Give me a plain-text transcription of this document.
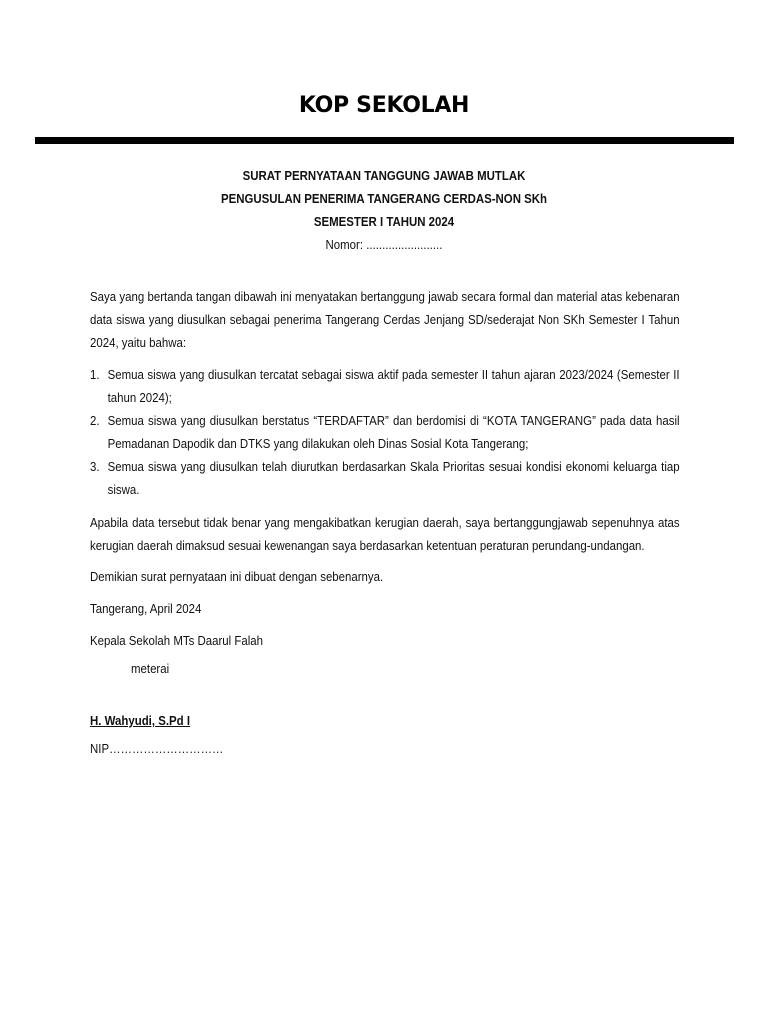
KOP SEKOLAH
SURAT PERNYATAAN TANGGUNG JAWAB MUTLAK
PENGUSULAN PENERIMA TANGERANG CERDAS-NON SKh
SEMESTER I TAHUN 2024
Nomor: ........................
Saya yang bertanda tangan dibawah ini menyatakan bertanggung jawab secara formal dan material atas kebenaran data siswa yang diusulkan sebagai penerima Tangerang Cerdas Jenjang SD/sederajat Non SKh Semester I Tahun 2024, yaitu bahwa:
1. Semua siswa yang diusulkan tercatat sebagai siswa aktif pada semester II tahun ajaran 2023/2024 (Semester II tahun 2024);
2. Semua siswa yang diusulkan berstatus “TERDAFTAR” dan berdomisi di “KOTA TANGERANG” pada data hasil Pemadanan Dapodik dan DTKS yang dilakukan oleh Dinas Sosial Kota Tangerang;
3. Semua siswa yang diusulkan telah diurutkan berdasarkan Skala Prioritas sesuai kondisi ekonomi keluarga tiap siswa.
Apabila data tersebut tidak benar yang mengakibatkan kerugian daerah, saya bertanggungjawab sepenuhnya atas kerugian daerah dimaksud sesuai kewenangan saya berdasarkan ketentuan peraturan perundang-undangan.
Demikian surat pernyataan ini dibuat dengan sebenarnya.
Tangerang, April 2024
Kepala Sekolah MTs Daarul Falah
meterai
H. Wahyudi, S.Pd I
NIP…………………………
